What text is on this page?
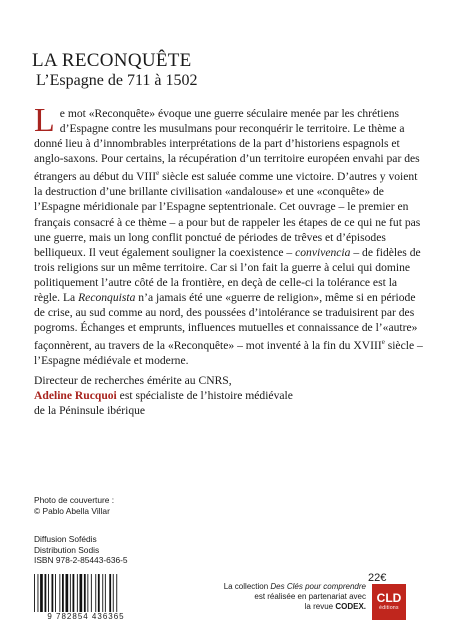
LA RECONQUÊTE
L’Espagne de 711 à 1502

Le mot «Reconquête» évoque une guerre séculaire menée par les chrétiens d’Espagne contre les musulmans pour reconquérir le territoire. Le thème a donné lieu à d’innombrables interprétations de la part d’historiens espagnols et anglo-saxons. Pour certains, la récupération d’un territoire européen envahi par des étrangers au début du VIIIe siècle est saluée comme une victoire. D’autres y voient la destruction d’une brillante civilisation «andalouse» et une «conquête» de l’Espagne méridionale par l’Espagne septentrionale. Cet ouvrage – le premier en français consacré à ce thème – a pour but de rappeler les étapes de ce qui ne fut pas une guerre, mais un long conflit ponctué de périodes de trêves et d’épisodes belliqueux. Il veut également souligner la coexistence – convivencia – de fidèles de trois religions sur un même territoire. Car si l’on fait la guerre à celui qui domine politiquement l’autre côté de la frontière, en deçà de celle-ci la tolérance est la règle. La Reconquista n’a jamais été une «guerre de religion», même si en période de crise, au sud comme au nord, des poussées d’intolérance se traduisirent par des pogroms. Échanges et emprunts, influences mutuelles et connaissance de l’«autre» façonnèrent, au travers de la «Reconquête» – mot inventé à la fin du XVIIIe siècle – l’Espagne médiévale et moderne.

Directeur de recherches émérite au CNRS,
Adeline Rucquoi est spécialiste de l’histoire médiévale
de la Péninsule ibérique

Photo de couverture :

© Pablo Abella Villar

Diffusion Sofédis

Distribution Sodis

ISBN 978-2-85443-636-5

9 782854 436365
22€

La collection Des Clés pour comprendre

est réalisée en partenariat avec

la revue CODEX.

CLD
éditions
